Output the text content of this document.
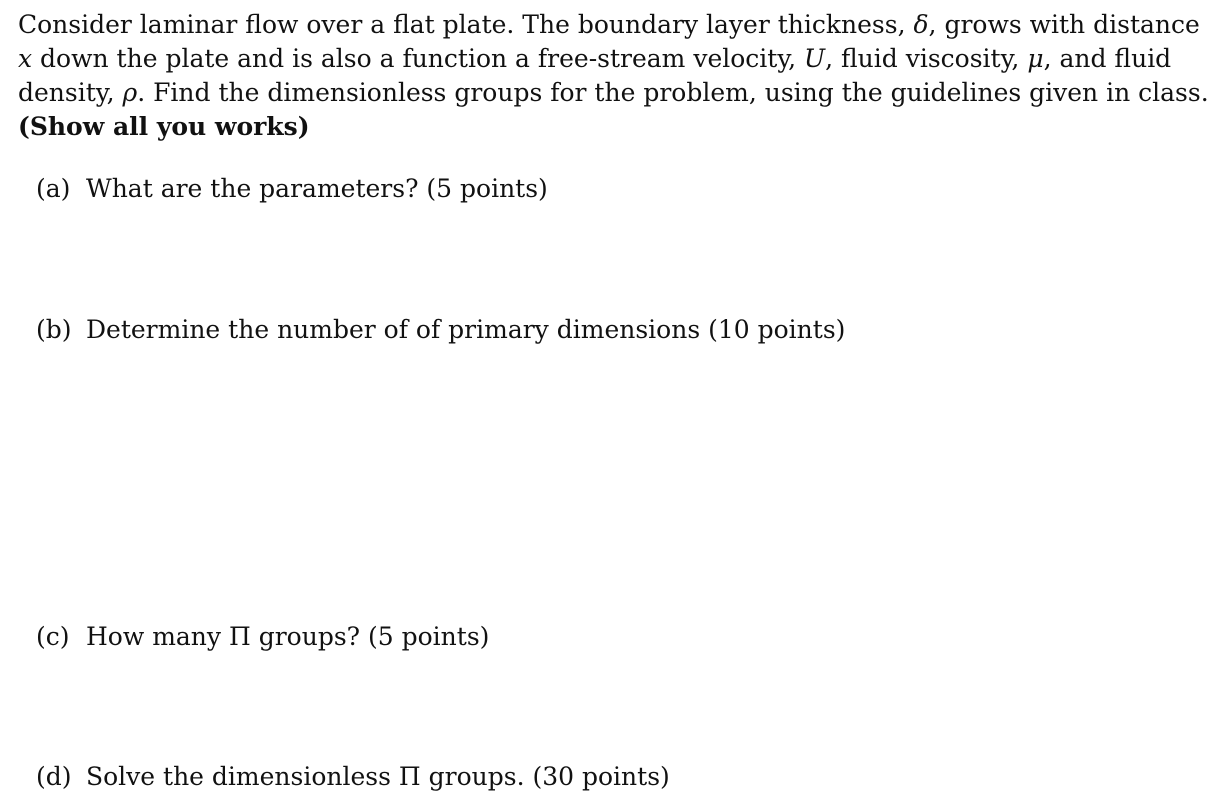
Consider laminar flow over a flat plate. The boundary layer thickness, δ, grows with distance
x down the plate and is also a function a free-stream velocity, U, fluid viscosity, μ, and fluid
density, ρ. Find the dimensionless groups for the problem, using the guidelines given in class.
(Show all you works)
(a) What are the parameters? (5 points)
(b) Determine the number of of primary dimensions (10 points)
(c) How many Π groups? (5 points)
(d) Solve the dimensionless Π groups. (30 points)
